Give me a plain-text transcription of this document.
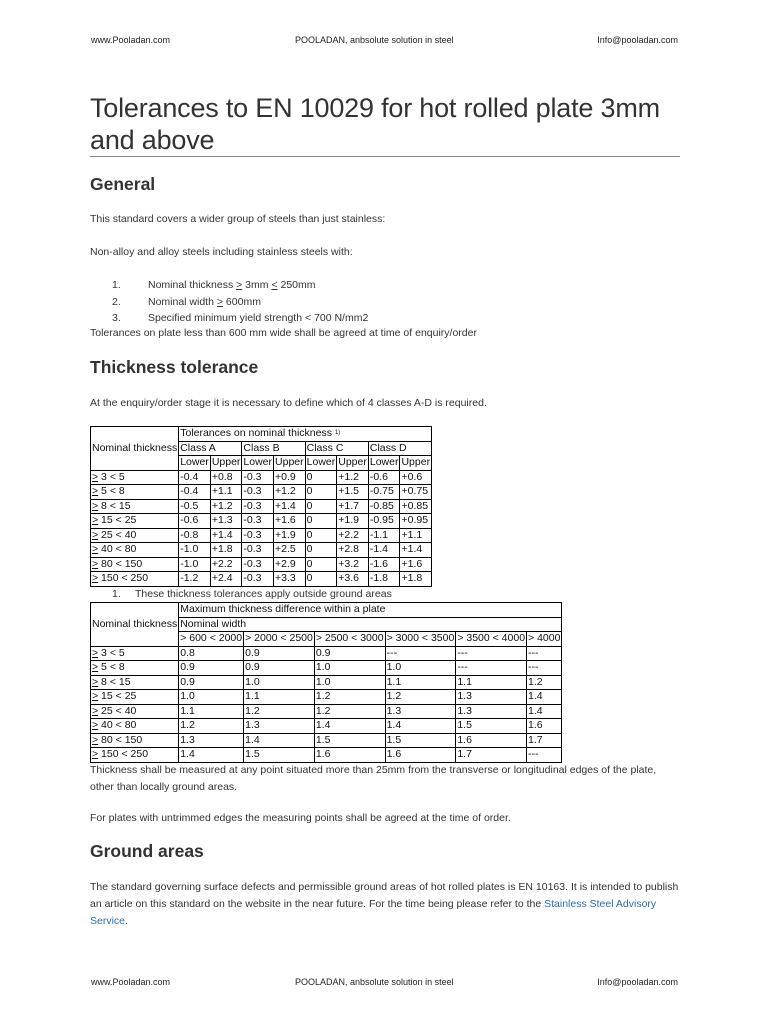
www.Pooladan.com	POOLADAN, anbsolute solution in steel	Info@pooladan.com
Tolerances to EN 10029 for hot rolled plate 3mm and above
General

This standard covers a wider group of steels than just stainless:

Non-alloy and alloy steels including stainless steels with:

1.	Nominal thickness > 3mm < 250mm
2.	Nominal width > 600mm
3.	Specified minimum yield strength < 700 N/mm2

Tolerances on plate less than 600 mm wide shall be agreed at time of enquiry/order

Thickness tolerance

At the enquiry/order stage it is necessary to define which of 4 classes A-D is required.

Nominal thickness	Tolerances on nominal thickness $^{1)}$
	Class A		Class B		Class C		Class D	
	Lower	Upper	Lower	Upper	Lower	Upper	Lower	Upper
> 3 < 5	-0.4	+0.8	-0.3	+0.9	0	+1.2	-0.6	+0.6
> 5 < 8	-0.4	+1.1	-0.3	+1.2	0	+1.5	-0.75	+0.75
> 8 < 15	-0.5	+1.2	-0.3	+1.4	0	+1.7	-0.85	+0.85
> 15 < 25	-0.6	+1.3	-0.3	+1.6	0	+1.9	-0.95	+0.95
> 25 < 40	-0.8	+1.4	-0.3	+1.9	0	+2.2	-1.1	+1.1
> 40 < 80	-1.0	+1.8	-0.3	+2.5	0	+2.8	-1.4	+1.4
> 80 < 150	-1.0	+2.2	-0.3	+2.9	0	+3.2	-1.6	+1.6
> 150 < 250	-1.2	+2.4	-0.3	+3.3	0	+3.6	-1.8	+1.8
1. These thickness tolerances apply outside ground areas
Nominal thickness	Maximum thickness difference within a plate					
	Nominal width					
	> 600 < 2000	> 2000 < 2500	> 2500 < 3000	> 3000 < 3500	> 3500 < 4000	> 4000
> 3 < 5	0.8	0.9	0.9	---	---	---
> 5 < 8	0.9	0.9	1.0	1.0	---	---
> 8 < 15	0.9	1.0	1.0	1.1	1.1	1.2
> 15 < 25	1.0	1.1	1.2	1.2	1.3	1.4
> 25 < 40	1.1	1.2	1.2	1.3	1.3	1.4
> 40 < 80	1.2	1.3	1.4	1.4	1.5	1.6
> 80 < 150	1.3	1.4	1.5	1.5	1.6	1.7
> 150 < 250	1.4	1.5	1.6	1.6	1.7	---

Thickness shall be measured at any point situated more than 25mm from the transverse or longitudinal edges of the plate, other than locally ground areas.

For plates with untrimmed edges the measuring points shall be agreed at the time of order.

Ground areas

The standard governing surface defects and permissible ground areas of hot rolled plates is EN 10163. It is intended to publish an article on this standard on the website in the near future. For the time being please refer to the Stainless Steel Advisory Service.

www.Pooladan.com	POOLADAN, anbsolute solution in steel	Info@pooladan.com
